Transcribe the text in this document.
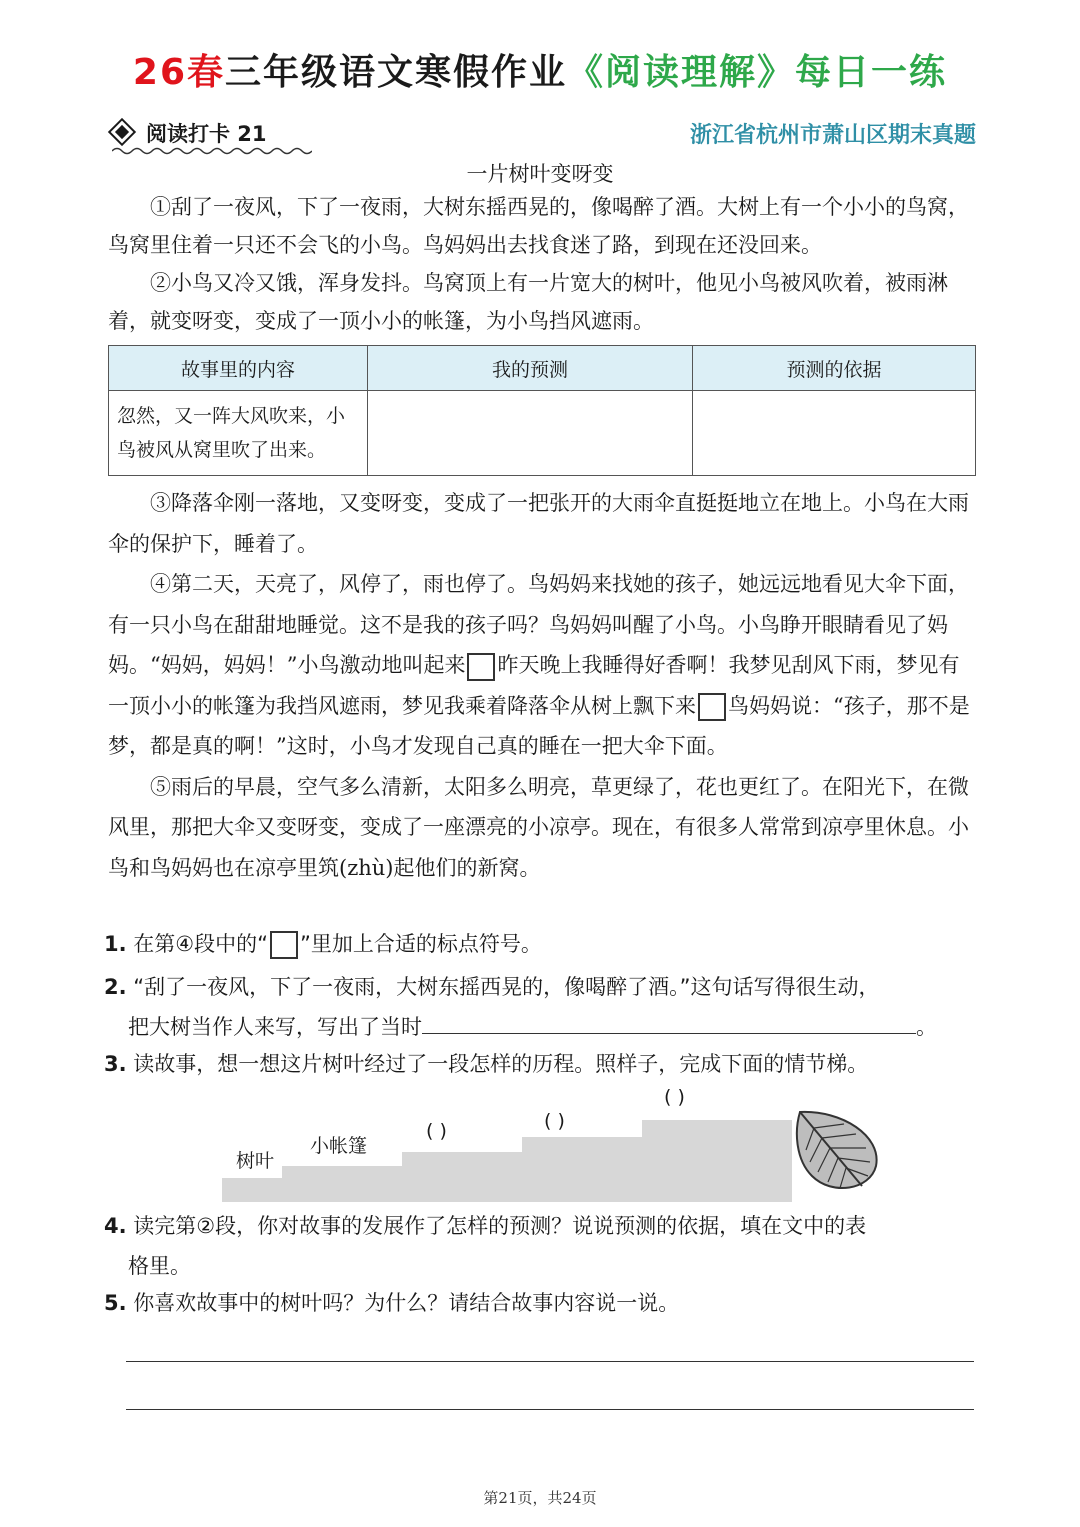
26春三年级语文寒假作业《阅读理解》每日一练
阅读打卡 21	浙江省杭州市萧山区期末真题
一片树叶变呀变

①刮了一夜风，下了一夜雨，大树东摇西晃的，像喝醉了酒。大树上有一个小小的鸟窝，鸟窝里住着一只还不会飞的小鸟。鸟妈妈出去找食迷了路，到现在还没回来。

②小鸟又冷又饿，浑身发抖。鸟窝顶上有一片宽大的树叶，他见小鸟被风吹着，被雨淋着，就变呀变，变成了一顶小小的帐篷，为小鸟挡风遮雨。

故事里的内容	我的预测	预测的依据
忽然，又一阵大风吹来，小鸟被风从窝里吹了出来。		

③降落伞刚一落地，又变呀变，变成了一把张开的大雨伞直挺挺地立在地上。小鸟在大雨伞的保护下，睡着了。

④第二天，天亮了，风停了，雨也停了。鸟妈妈来找她的孩子，她远远地看见大伞下面，有一只小鸟在甜甜地睡觉。这不是我的孩子吗？鸟妈妈叫醒了小鸟。小鸟睁开眼睛看见了妈妈。“妈妈，妈妈！”小鸟激动地叫起来 昨天晚上我睡得好香啊！我梦见刮风下雨，梦见有一顶小小的帐篷为我挡风遮雨，梦见我乘着降落伞从树上飘下来 鸟妈妈说：“孩子，那不是梦，都是真的啊！”这时，小鸟才发现自己真的睡在一把大伞下面。

⑤雨后的早晨，空气多么清新，太阳多么明亮，草更绿了，花也更红了。在阳光下，在微风里，那把大伞又变呀变，变成了一座漂亮的小凉亭。现在，有很多人常常到凉亭里休息。小鸟和鸟妈妈也在凉亭里筑(zhù)起他们的新窝。

1. 在第④段中的“ ”里加上合适的标点符号。
2. “刮了一夜风，下了一夜雨，大树东摇西晃的，像喝醉了酒。”这句话写得很生动，
把大树当作人来写，写出了当时	。
3. 读故事，想一想这片树叶经过了一段怎样的历程。照样子，完成下面的情节梯。
树叶
小帐篷
( )	( )
( )
4. 读完第②段，你对故事的发展作了怎样的预测？说说预测的依据，填在文中的表
格里。
5. 你喜欢故事中的树叶吗？为什么？请结合故事内容说一说。
第21页，共24页
